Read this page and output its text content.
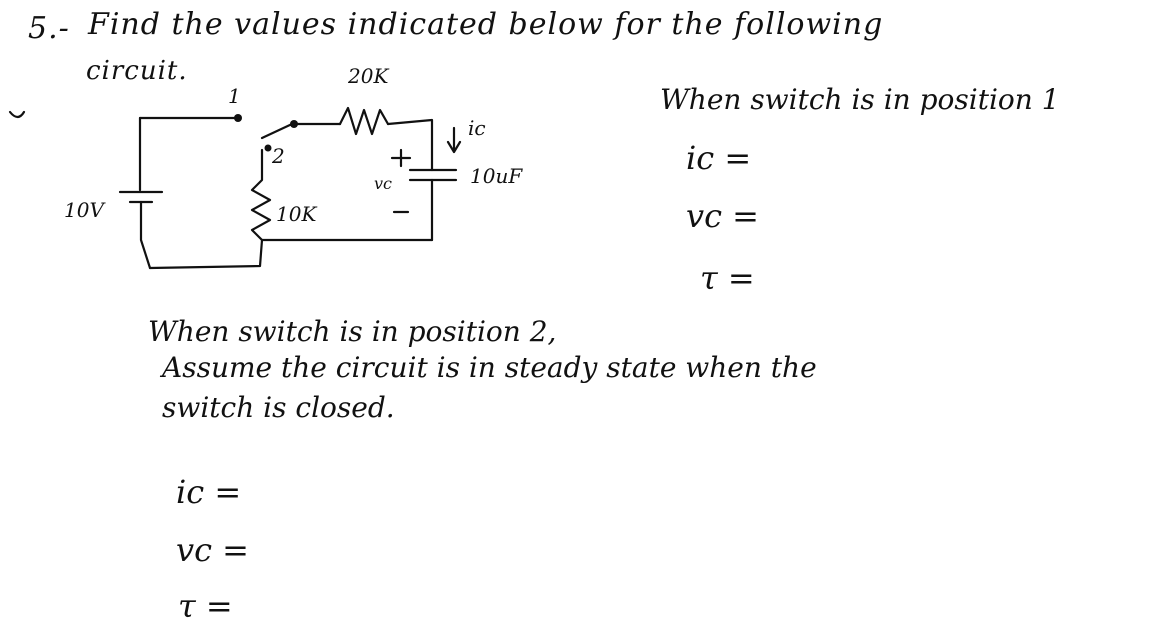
5.- Find the values indicated below for the following
circuit.
1
2
20K
10V	10K
10uF
ic
vc
When switch is in position 1
ic =
vc =
τ =
When switch is in position 2,
Assume the circuit is in steady state when the
switch is closed.
ic =
vc =
τ =
